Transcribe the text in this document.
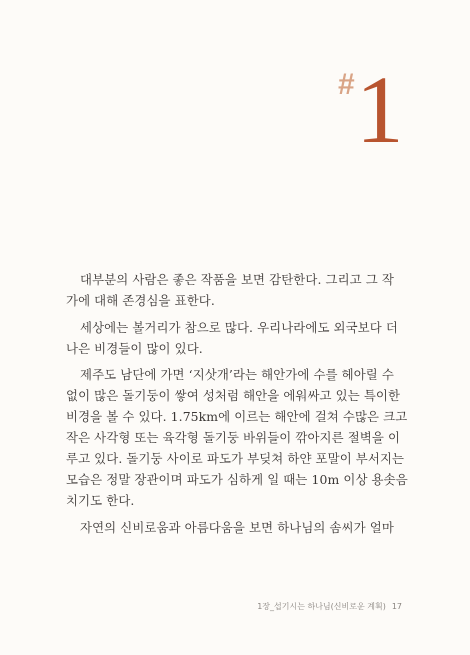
# 1

대부분의 사람은 좋은 작품을 보면 감탄한다. 그리고 그 작
가에 대해 존경심을 표한다.

세상에는 볼거리가 참으로 많다. 우리나라에도 외국보다 더
나은 비경들이 많이 있다.

제주도 남단에 가면 ‘지삿개’라는 해안가에 수를 헤아릴 수
없이 많은 돌기둥이 쌓여 성처럼 해안을 에워싸고 있는 특이한
비경을 볼 수 있다. 1.75km에 이르는 해안에 걸쳐 수많은 크고
작은 사각형 또는 육각형 돌기둥 바위들이 깎아지른 절벽을 이
루고 있다. 돌기둥 사이로 파도가 부딪쳐 하얀 포말이 부서지는
모습은 정말 장관이며 파도가 심하게 일 때는 10m 이상 용솟음
치기도 한다.

자연의 신비로움과 아름다움을 보면 하나님의 솜씨가 얼마

1장_섭기시는 하나님(신비로운 계획) 17
